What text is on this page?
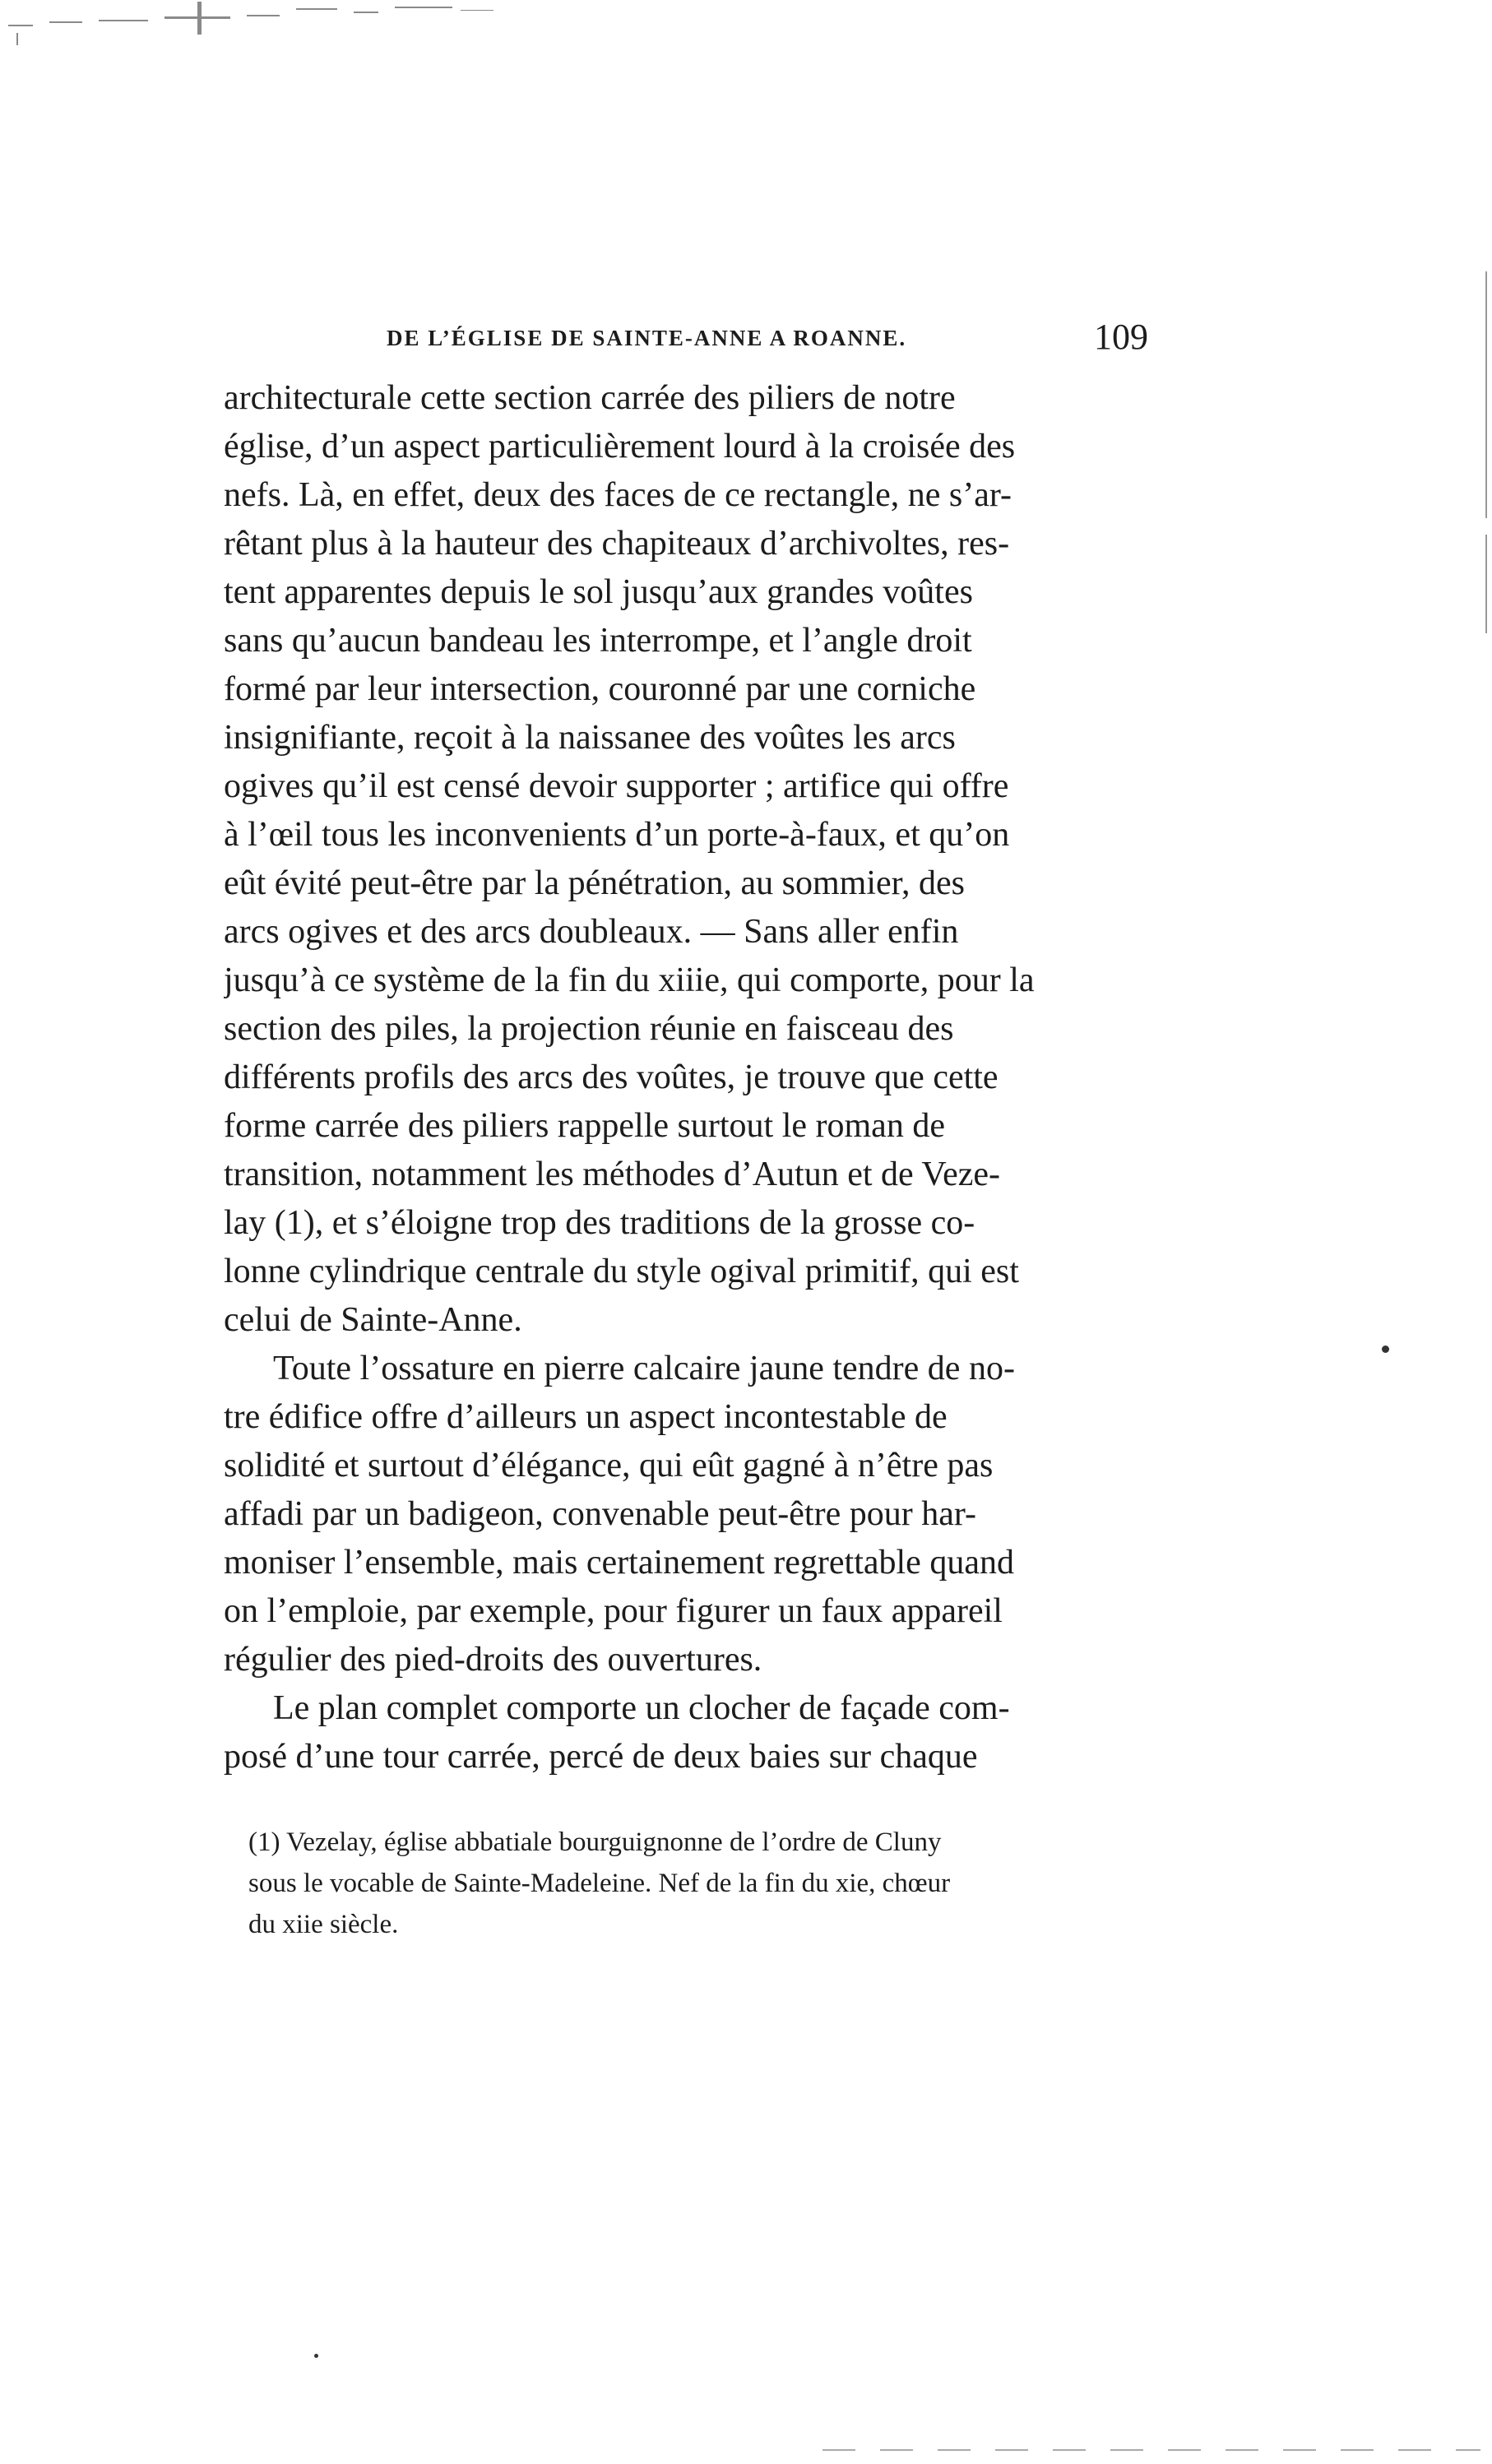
DE L’ÉGLISE DE SAINTE-ANNE A ROANNE.	109
architecturale cette section carrée des piliers de notre
église, d’un aspect particulièrement lourd à la croisée des
nefs. Là, en effet, deux des faces de ce rectangle, ne s’ar-
rêtant plus à la hauteur des chapiteaux d’archivoltes, res-
tent apparentes depuis le sol jusqu’aux grandes voûtes
sans qu’aucun bandeau les interrompe, et l’angle droit
formé par leur intersection, couronné par une corniche
insignifiante, reçoit à la naissanee des voûtes les arcs
ogives qu’il est censé devoir supporter ; artifice qui offre
à l’œil tous les inconvenients d’un porte-à-faux, et qu’on
eût évité peut-être par la pénétration, au sommier, des
arcs ogives et des arcs doubleaux. — Sans aller enfin
jusqu’à ce système de la fin du xiiie, qui comporte, pour la
section des piles, la projection réunie en faisceau des
différents profils des arcs des voûtes, je trouve que cette
forme carrée des piliers rappelle surtout le roman de
transition, notamment les méthodes d’Autun et de Veze-
lay (1), et s’éloigne trop des traditions de la grosse co-
lonne cylindrique centrale du style ogival primitif, qui est
celui de Sainte-Anne.
Toute l’ossature en pierre calcaire jaune tendre de no-
tre édifice offre d’ailleurs un aspect incontestable de
solidité et surtout d’élégance, qui eût gagné à n’être pas
affadi par un badigeon, convenable peut-être pour har-
moniser l’ensemble, mais certainement regrettable quand
on l’emploie, par exemple, pour figurer un faux appareil
régulier des pied-droits des ouvertures.
Le plan complet comporte un clocher de façade com-
posé d’une tour carrée, percé de deux baies sur chaque
(1) Vezelay, église abbatiale bourguignonne de l’ordre de Cluny
sous le vocable de Sainte-Madeleine. Nef de la fin du xie, chœur
du xiie siècle.
